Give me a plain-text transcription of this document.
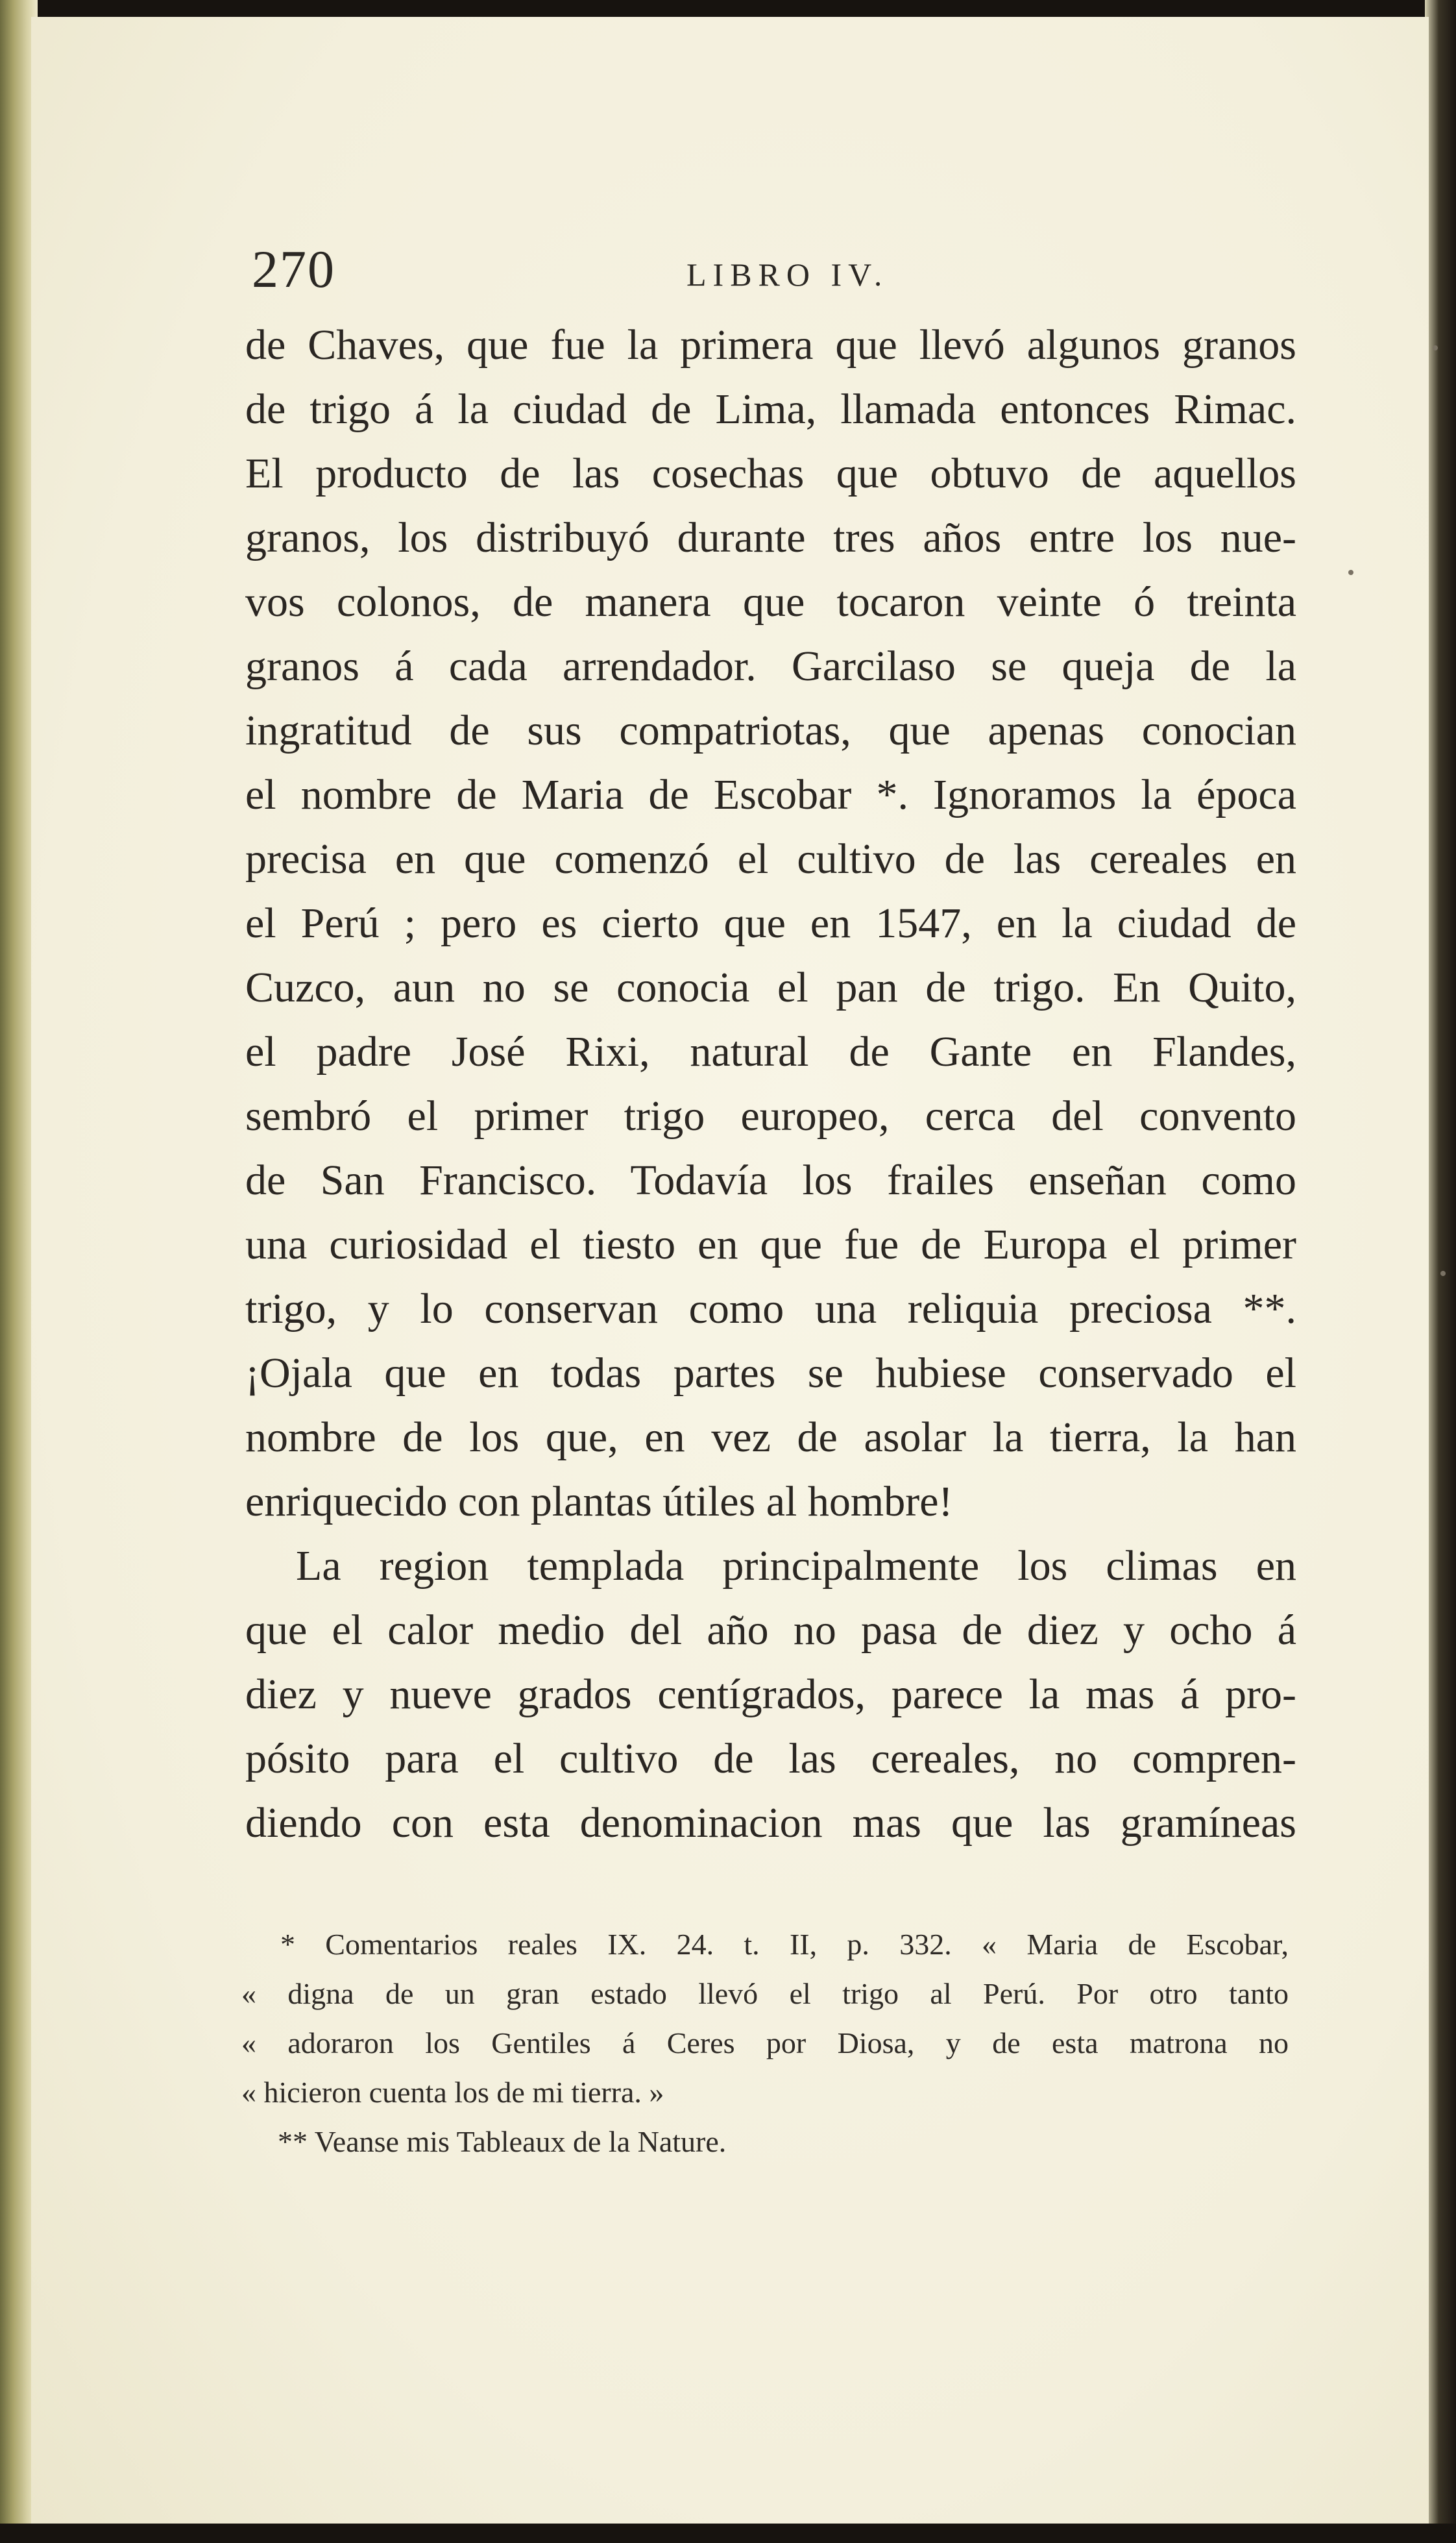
270	LIBRO IV.
de Chaves, que fue la primera que llevó algunos granos
de trigo á la ciudad de Lima, llamada entonces Rimac.
El producto de las cosechas que obtuvo de aquellos
granos, los distribuyó durante tres años entre los nue-
vos colonos, de manera que tocaron veinte ó treinta
granos á cada arrendador. Garcilaso se queja de la
ingratitud de sus compatriotas, que apenas conocian
el nombre de Maria de Escobar *. Ignoramos la época
precisa en que comenzó el cultivo de las cereales en
el Perú ; pero es cierto que en 1547, en la ciudad de
Cuzco, aun no se conocia el pan de trigo. En Quito,
el padre José Rixi, natural de Gante en Flandes,
sembró el primer trigo europeo, cerca del convento
de San Francisco. Todavía los frailes enseñan como
una curiosidad el tiesto en que fue de Europa el primer
trigo, y lo conservan como una reliquia preciosa **.
¡Ojala que en todas partes se hubiese conservado el
nombre de los que, en vez de asolar la tierra, la han
enriquecido con plantas útiles al hombre!
La region templada principalmente los climas en
que el calor medio del año no pasa de diez y ocho á
diez y nueve grados centígrados, parece la mas á pro-
pósito para el cultivo de las cereales, no compren-
diendo con esta denominacion mas que las gramíneas
* Comentarios reales IX. 24. t. II, p. 332. « Maria de Escobar,
« digna de un gran estado llevó el trigo al Perú. Por otro tanto
« adoraron los Gentiles á Ceres por Diosa, y de esta matrona no
« hicieron cuenta los de mi tierra. »
** Veanse mis Tableaux de la Nature.
